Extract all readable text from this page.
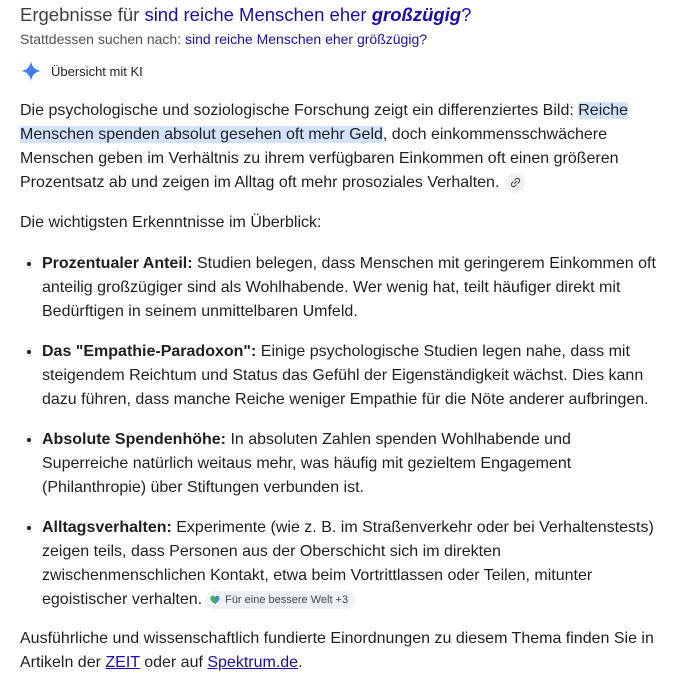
Ergebnisse für sind reiche Menschen eher großzügig?
Stattdessen suchen nach: sind reiche Menschen eher größzügig?
Übersicht mit KI

Die psychologische und soziologische Forschung zeigt ein differenziertes Bild: Reiche Menschen spenden absolut gesehen oft mehr Geld, doch einkommensschwächere Menschen geben im Verhältnis zu ihrem verfügbaren Einkommen oft einen größeren Prozentsatz ab und zeigen im Alltag oft mehr prosoziales Verhalten.

Die wichtigsten Erkenntnisse im Überblick:

• Prozentualer Anteil: Studien belegen, dass Menschen mit geringerem Einkommen oft anteilig großzügiger sind als Wohlhabende. Wer wenig hat, teilt häufiger direkt mit Bedürftigen in seinem unmittelbaren Umfeld.
• Das "Empathie-Paradoxon": Einige psychologische Studien legen nahe, dass mit steigendem Reichtum und Status das Gefühl der Eigenständigkeit wächst. Dies kann dazu führen, dass manche Reiche weniger Empathie für die Nöte anderer aufbringen.
• Absolute Spendenhöhe: In absoluten Zahlen spenden Wohlhabende und Superreiche natürlich weitaus mehr, was häufig mit gezieltem Engagement (Philanthropie) über Stiftungen verbunden ist.
• Alltagsverhalten: Experimente (wie z. B. im Straßenverkehr oder bei Verhaltenstests) zeigen teils, dass Personen aus der Oberschicht sich im direkten zwischenmenschlichen Kontakt, etwa beim Vortrittlassen oder Teilen, mitunter egoistischer verhalten. Für eine bessere Welt +3

Ausführliche und wissenschaftlich fundierte Einordnungen zu diesem Thema finden Sie in Artikeln der ZEIT oder auf Spektrum.de.
